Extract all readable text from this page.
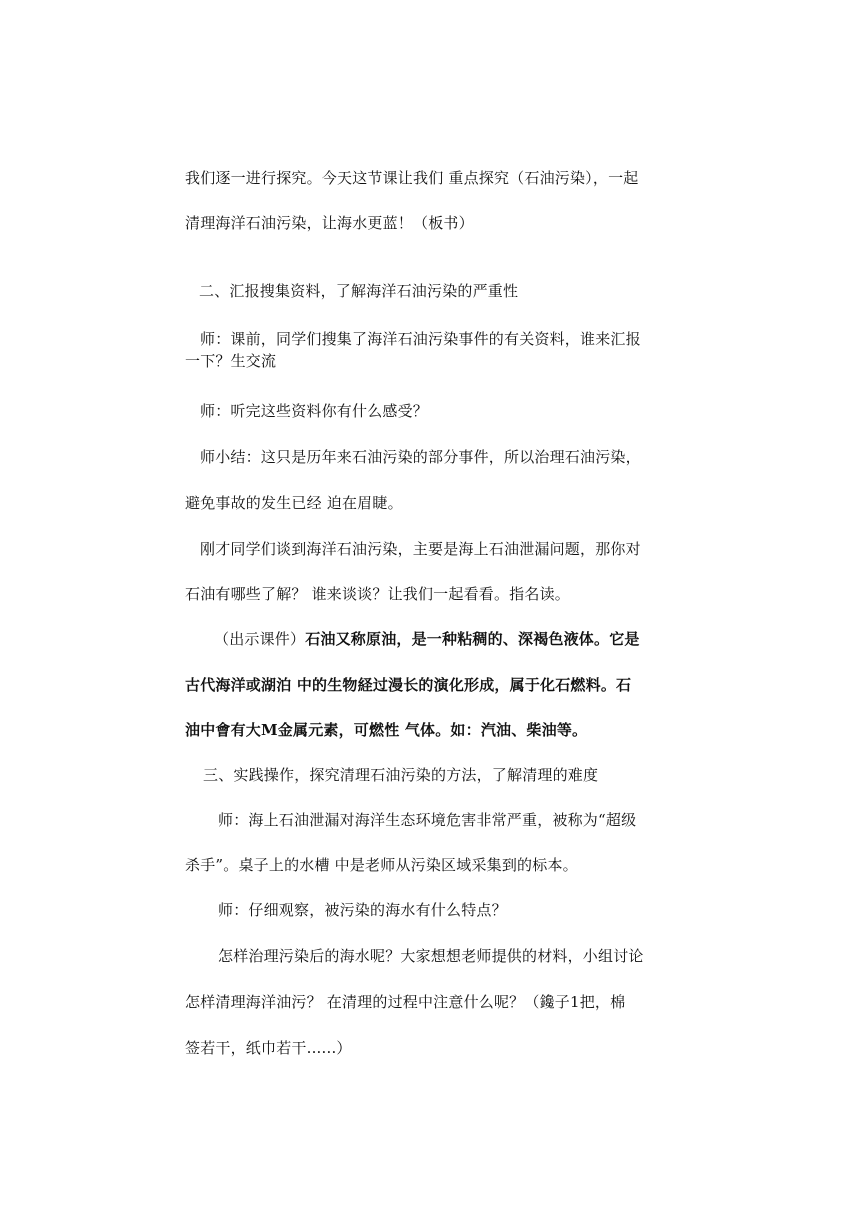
我们逐一进行探究。今天这节课让我们 重点探究（石油污染），一起
清理海洋石油污染，让海水更蓝！（板书）
二、汇报搜集资料，了解海洋石油污染的严重性
师：课前，同学们搜集了海洋石油污染事件的有关资料，谁来汇报
一下？生交流
师：听完这些资料你有什么感受？
师小结：这只是历年来石油污染的部分事件，所以治理石油污染，
避免事故的发生已经 迫在眉睫。
刚才同学们谈到海洋石油污染，主要是海上石油泄漏问题，那你对
石油有哪些了解？ 谁来谈谈？让我们一起看看。指名读。
（出示课件）石油又称原油，是一种粘稠的、深褐色液体。它是
古代海洋或湖泊 中的生物経过漫长的演化形成，属于化石燃料。石
油中會有大M金属元素，可燃性 气体。如：汽油、柴油等。
三、实践操作，探究清理石油污染的方法，了解清理的难度
师：海上石油泄漏对海洋生态环境危害非常严重，被称为“超级
杀手”。桌子上的水槽 中是老师从污染区域采集到的标本。
师：仔细观察，被污染的海水有什么特点？
怎样治理污染后的海水呢？大家想想老师提供的材料，小组讨论
怎样清理海洋油污？ 在清理的过程中注意什么呢？（鑱子1把，棉
签若干，纸巾若干......）
